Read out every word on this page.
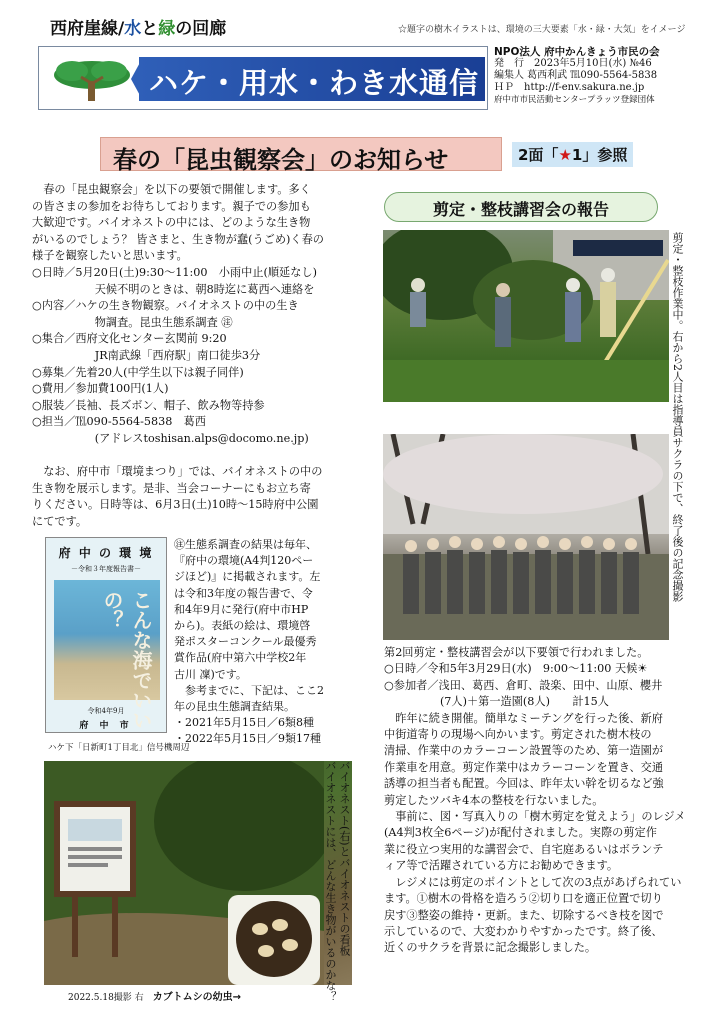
西府崖線/水と緑の回廊	☆題字の樹木イラストは、環境の三大要素「水・緑・大気」をイメージ
ハケ・用水・わき水通信
NPO法人 府中かんきょう市民の会
発　行　2023年5月10日(水) №46
編集人 葛西利武 ℡090-5564-5838
ＨＰ　http://f-env.sakura.ne.jp
府中市市民活動センタープラッツ登録団体
春の「昆虫観察会」のお知らせ	2面「★1」参照
　春の「昆虫観察会」を以下の要領で開催します。多く
の皆さまの参加をお待ちしております。親子での参加も
大歓迎です。バイオネストの中には、どのような生き物
がいるのでしょう？ 皆さまと、生き物が蠢(うごめ)く春の
様子を観察したいと思います。
○日時／5月20日(土)9:30～11:00　小雨中止(順延なし)
天候不明のときは、朝8時迄に葛西へ連絡を
○内容／ハケの生き物観察。バイオネストの中の生き
物調査。昆虫生態系調査 ㊟
○集合／西府文化センター玄関前 9:20
JR南武線「西府駅」南口徒歩3分
○募集／先着20人(中学生以下は親子同伴)
○費用／参加費100円(1人)
○服装／長袖、長ズボン、帽子、飲み物等持参
○担当／℡090-5564-5838　葛西
(アドレスtoshisan.alps@docomo.ne.jp)
　なお、府中市「環境まつり」では、バイオネストの中の
生き物を展示します。是非、当会コーナーにもお立ち寄
りください。日時等は、6月3日(土)10時～15時府中公園
にてです。
府 中 の 環 境
－令和３年度報告書－
こんな海でいいの？
令和4年9月
府 中 市
ハケ下「日新町1丁目北」信号機周辺
㊟生態系調査の結果は毎年、
『府中の環境(A4判120ペー
ジほど)』に掲載されます。左
は令和3年度の報告書で、令
和4年9月に発行(府中市HP
から)。表紙の絵は、環境啓
発ポスターコンクール最優秀
賞作品(府中第六中学校2年
古川 凜)です。
　参考までに、下記は、ここ2
年の昆虫生態調査結果。
・2021年5月15日／6類8種
・2022年5月15日／9類17種
剪定・整枝講習会の報告
剪定・整枝作業中。右から2人目は指導員
サクラの下で、終了後の記念撮影
第2回剪定・整枝講習会が以下要領で行われました。
○日時／令和5年3月29日(水)　9:00～11:00 天候☀
○参加者／浅田、葛西、倉町、設楽、田中、山原、櫻井
　　　　　(7人)＋第一造園(8人)　　計15人
　昨年に続き開催。簡単なミーテングを行った後、新府
中街道寄りの現場へ向かいます。剪定された樹木枝の
清掃、作業中のカラーコーン設置等のため、第一造園が
作業車を用意。剪定作業中はカラーコーンを置き、交通
誘導の担当者も配置。今回は、昨年太い幹を切るなど強
剪定したツバキ4本の整枝を行ないました。
　事前に、図・写真入りの「樹木剪定を覚えよう」のレジメ
(A4判3枚全6ページ)が配付されました。実際の剪定作
業に役立つ実用的な講習会で、自宅庭あるいはボランテ
ィア等で活躍されている方にお勧めできます。
　レジメには剪定のポイントとして次の3点があげられてい
ます。①樹木の骨格を造ろう②切り口を適正位置で切り
戻す③整姿の維持・更新。また、切除するべき枝を図で
示しているので、大変わかりやすかったです。終了後、
近くのサクラを背景に記念撮影しました。
バイオネスト(右)とバイオネストの看板
バイオネストには、どんな生き物がいるのかな？
2022.5.18撮影 右　 カブトムシの幼虫→
